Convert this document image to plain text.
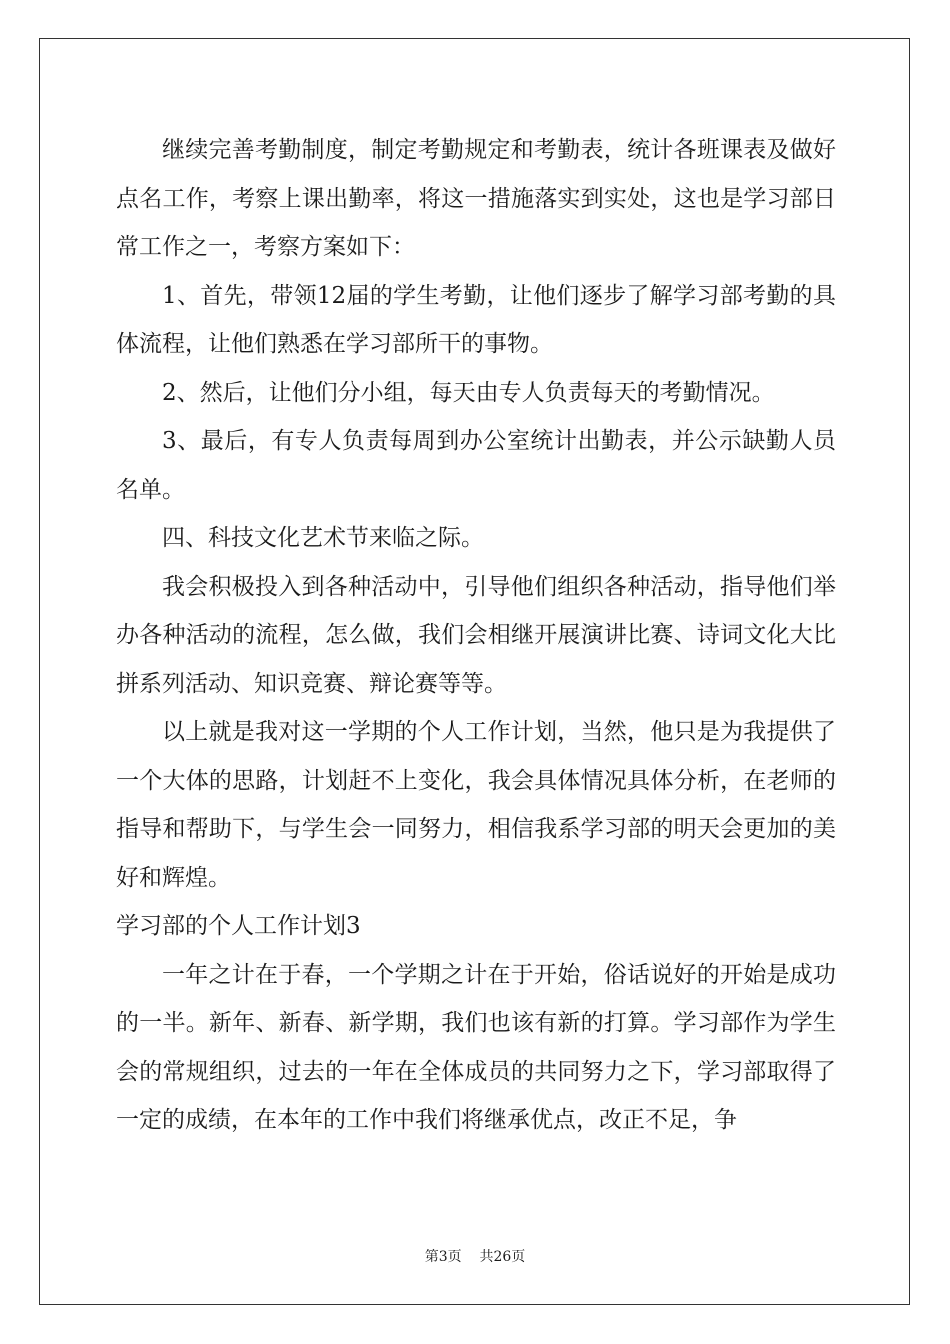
继续完善考勤制度，制定考勤规定和考勤表，统计各班课表及做好点名工作，考察上课出勤率，将这一措施落实到实处，这也是学习部日常工作之一，考察方案如下：

1、首先，带领12届的学生考勤，让他们逐步了解学习部考勤的具体流程，让他们熟悉在学习部所干的事物。

2、然后，让他们分小组，每天由专人负责每天的考勤情况。

3、最后，有专人负责每周到办公室统计出勤表，并公示缺勤人员名单。

四、科技文化艺术节来临之际。

我会积极投入到各种活动中，引导他们组织各种活动，指导他们举办各种活动的流程，怎么做，我们会相继开展演讲比赛、诗词文化大比拼系列活动、知识竞赛、辩论赛等等。

以上就是我对这一学期的个人工作计划，当然，他只是为我提供了一个大体的思路，计划赶不上变化，我会具体情况具体分析，在老师的指导和帮助下，与学生会一同努力，相信我系学习部的明天会更加的美好和辉煌。

学习部的个人工作计划3

一年之计在于春，一个学期之计在于开始，俗话说好的开始是成功的一半。新年、新春、新学期，我们也该有新的打算。学习部作为学生会的常规组织，过去的一年在全体成员的共同努力之下，学习部取得了一定的成绩，在本年的工作中我们将继承优点，改正不足，争

第3页 共26页
